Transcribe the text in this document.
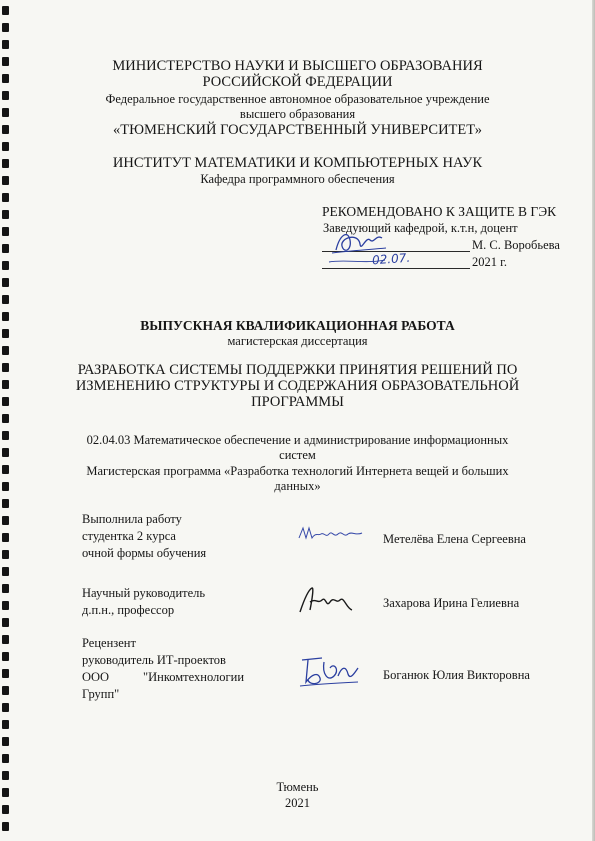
МИНИСТЕРСТВО НАУКИ И ВЫСШЕГО ОБРАЗОВАНИЯ
РОССИЙСКОЙ ФЕДЕРАЦИИ
Федеральное государственное автономное образовательное учреждение
высшего образования
«ТЮМЕНСКИЙ ГОСУДАРСТВЕННЫЙ УНИВЕРСИТЕТ»
ИНСТИТУТ МАТЕМАТИКИ И КОМПЬЮТЕРНЫХ НАУК
Кафедра программного обеспечения
РЕКОМЕНДОВАНО К ЗАЩИТЕ В ГЭК
Заведующий кафедрой, к.т.н, доцент
М. С. Воробьева
2021 г.
02.07.
ВЫПУСКНАЯ КВАЛИФИКАЦИОННАЯ РАБОТА
магистерская диссертация
РАЗРАБОТКА СИСТЕМЫ ПОДДЕРЖКИ ПРИНЯТИЯ РЕШЕНИЙ ПО
ИЗМЕНЕНИЮ СТРУКТУРЫ И СОДЕРЖАНИЯ ОБРАЗОВАТЕЛЬНОЙ
ПРОГРАММЫ
02.04.03 Математическое обеспечение и администрирование информационных
систем
Магистерская программа «Разработка технологий Интернета вещей и больших
данных»
Выполнила работу
студентка 2 курса
очной формы обучения
Метелёва Елена Сергеевна
Научный руководитель
д.п.н., профессор	Захарова Ирина Гелиевна
Рецензент
руководитель ИТ-проектов
ООО	"Инкомтехнологии
Групп"
Боганюк Юлия Викторовна
Тюмень
2021
